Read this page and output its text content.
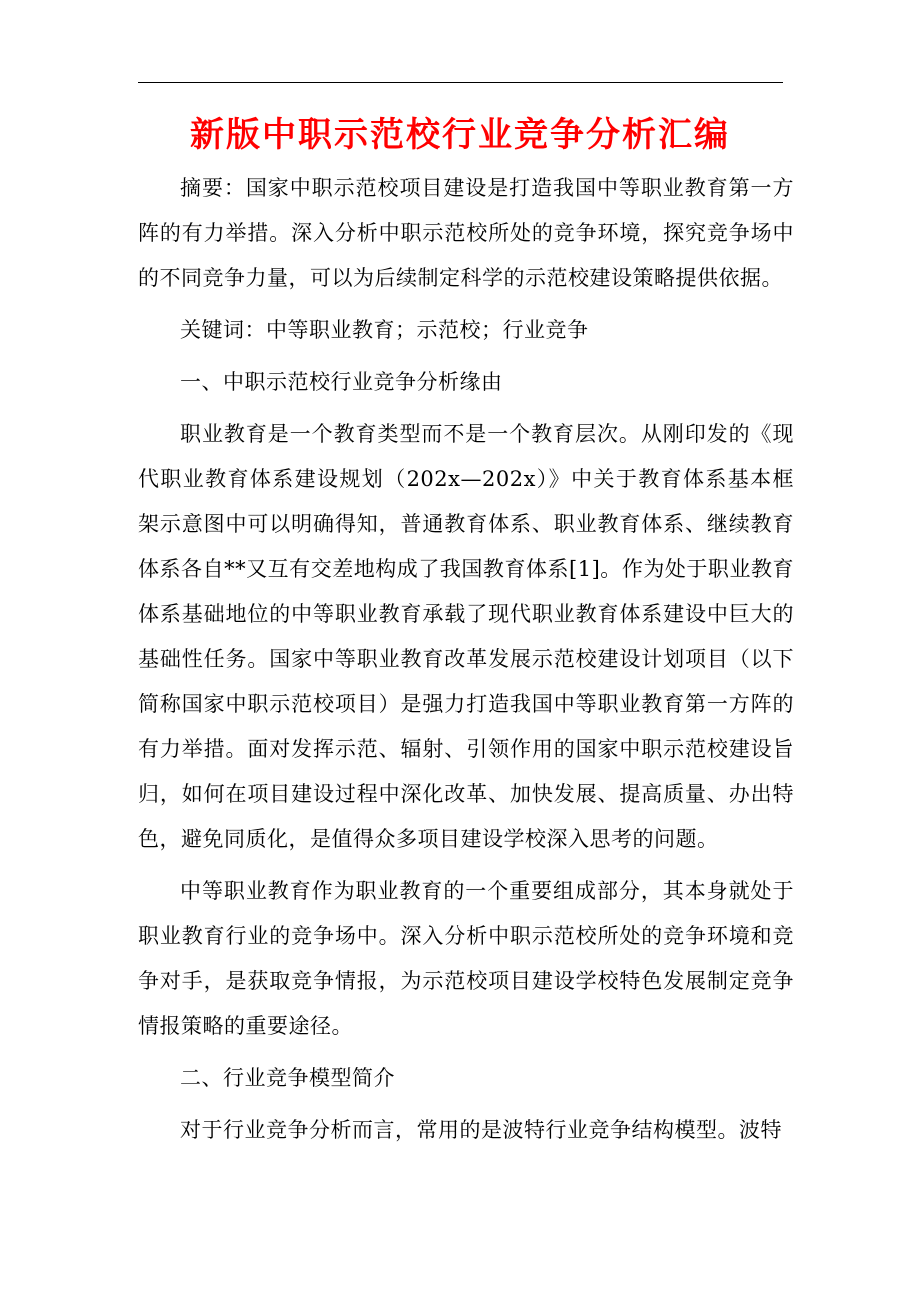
新版中职示范校行业竞争分析汇编

摘要：国家中职示范校项目建设是打造我国中等职业教育第一方阵的有力举措。深入分析中职示范校所处的竞争环境，探究竞争场中的不同竞争力量，可以为后续制定科学的示范校建设策略提供依据。

关键词：中等职业教育；示范校；行业竞争

一、中职示范校行业竞争分析缘由

职业教育是一个教育类型而不是一个教育层次。从刚印发的《现代职业教育体系建设规划（202x—202x）》中关于教育体系基本框架示意图中可以明确得知，普通教育体系、职业教育体系、继续教育体系各自**又互有交差地构成了我国教育体系[1]。作为处于职业教育体系基础地位的中等职业教育承载了现代职业教育体系建设中巨大的基础性任务。国家中等职业教育改革发展示范校建设计划项目（以下简称国家中职示范校项目）是强力打造我国中等职业教育第一方阵的有力举措。面对发挥示范、辐射、引领作用的国家中职示范校建设旨归，如何在项目建设过程中深化改革、加快发展、提高质量、办出特色，避免同质化，是值得众多项目建设学校深入思考的问题。

中等职业教育作为职业教育的一个重要组成部分，其本身就处于职业教育行业的竞争场中。深入分析中职示范校所处的竞争环境和竞争对手，是获取竞争情报，为示范校项目建设学校特色发展制定竞争情报策略的重要途径。

二、行业竞争模型简介

对于行业竞争分析而言，常用的是波特行业竞争结构模型。波特
